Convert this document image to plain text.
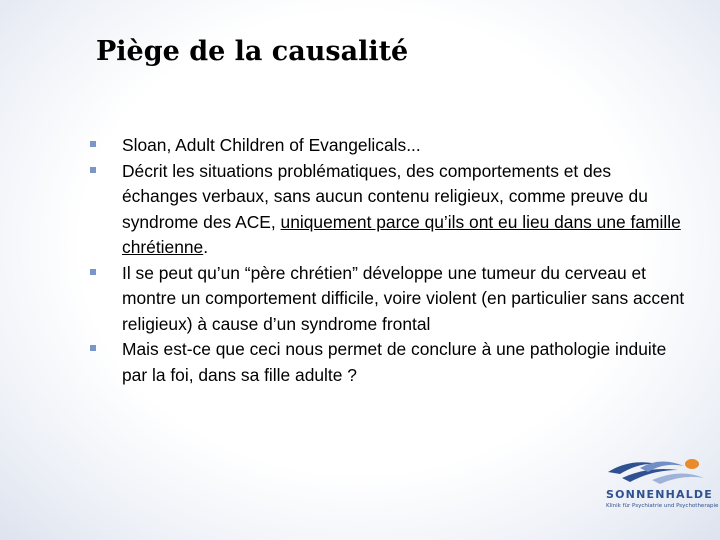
Piège de la causalité
Sloan, Adult Children of Evangelicals...
Décrit les situations problématiques, des comportements et des échanges verbaux, sans aucun contenu religieux, comme preuve du syndrome des ACE, uniquement parce qu’ils ont eu lieu dans une famille chrétienne.
Il se peut qu’un “père chrétien” développe une tumeur du cerveau et montre un comportement difficile, voire violent (en particulier sans accent religieux) à cause d’un syndrome frontal
Mais est-ce que ceci nous permet de conclure à une pathologie induite par la foi, dans sa fille adulte ?
SONNENHALDE
Klinik für Psychiatrie und Psychotherapie
